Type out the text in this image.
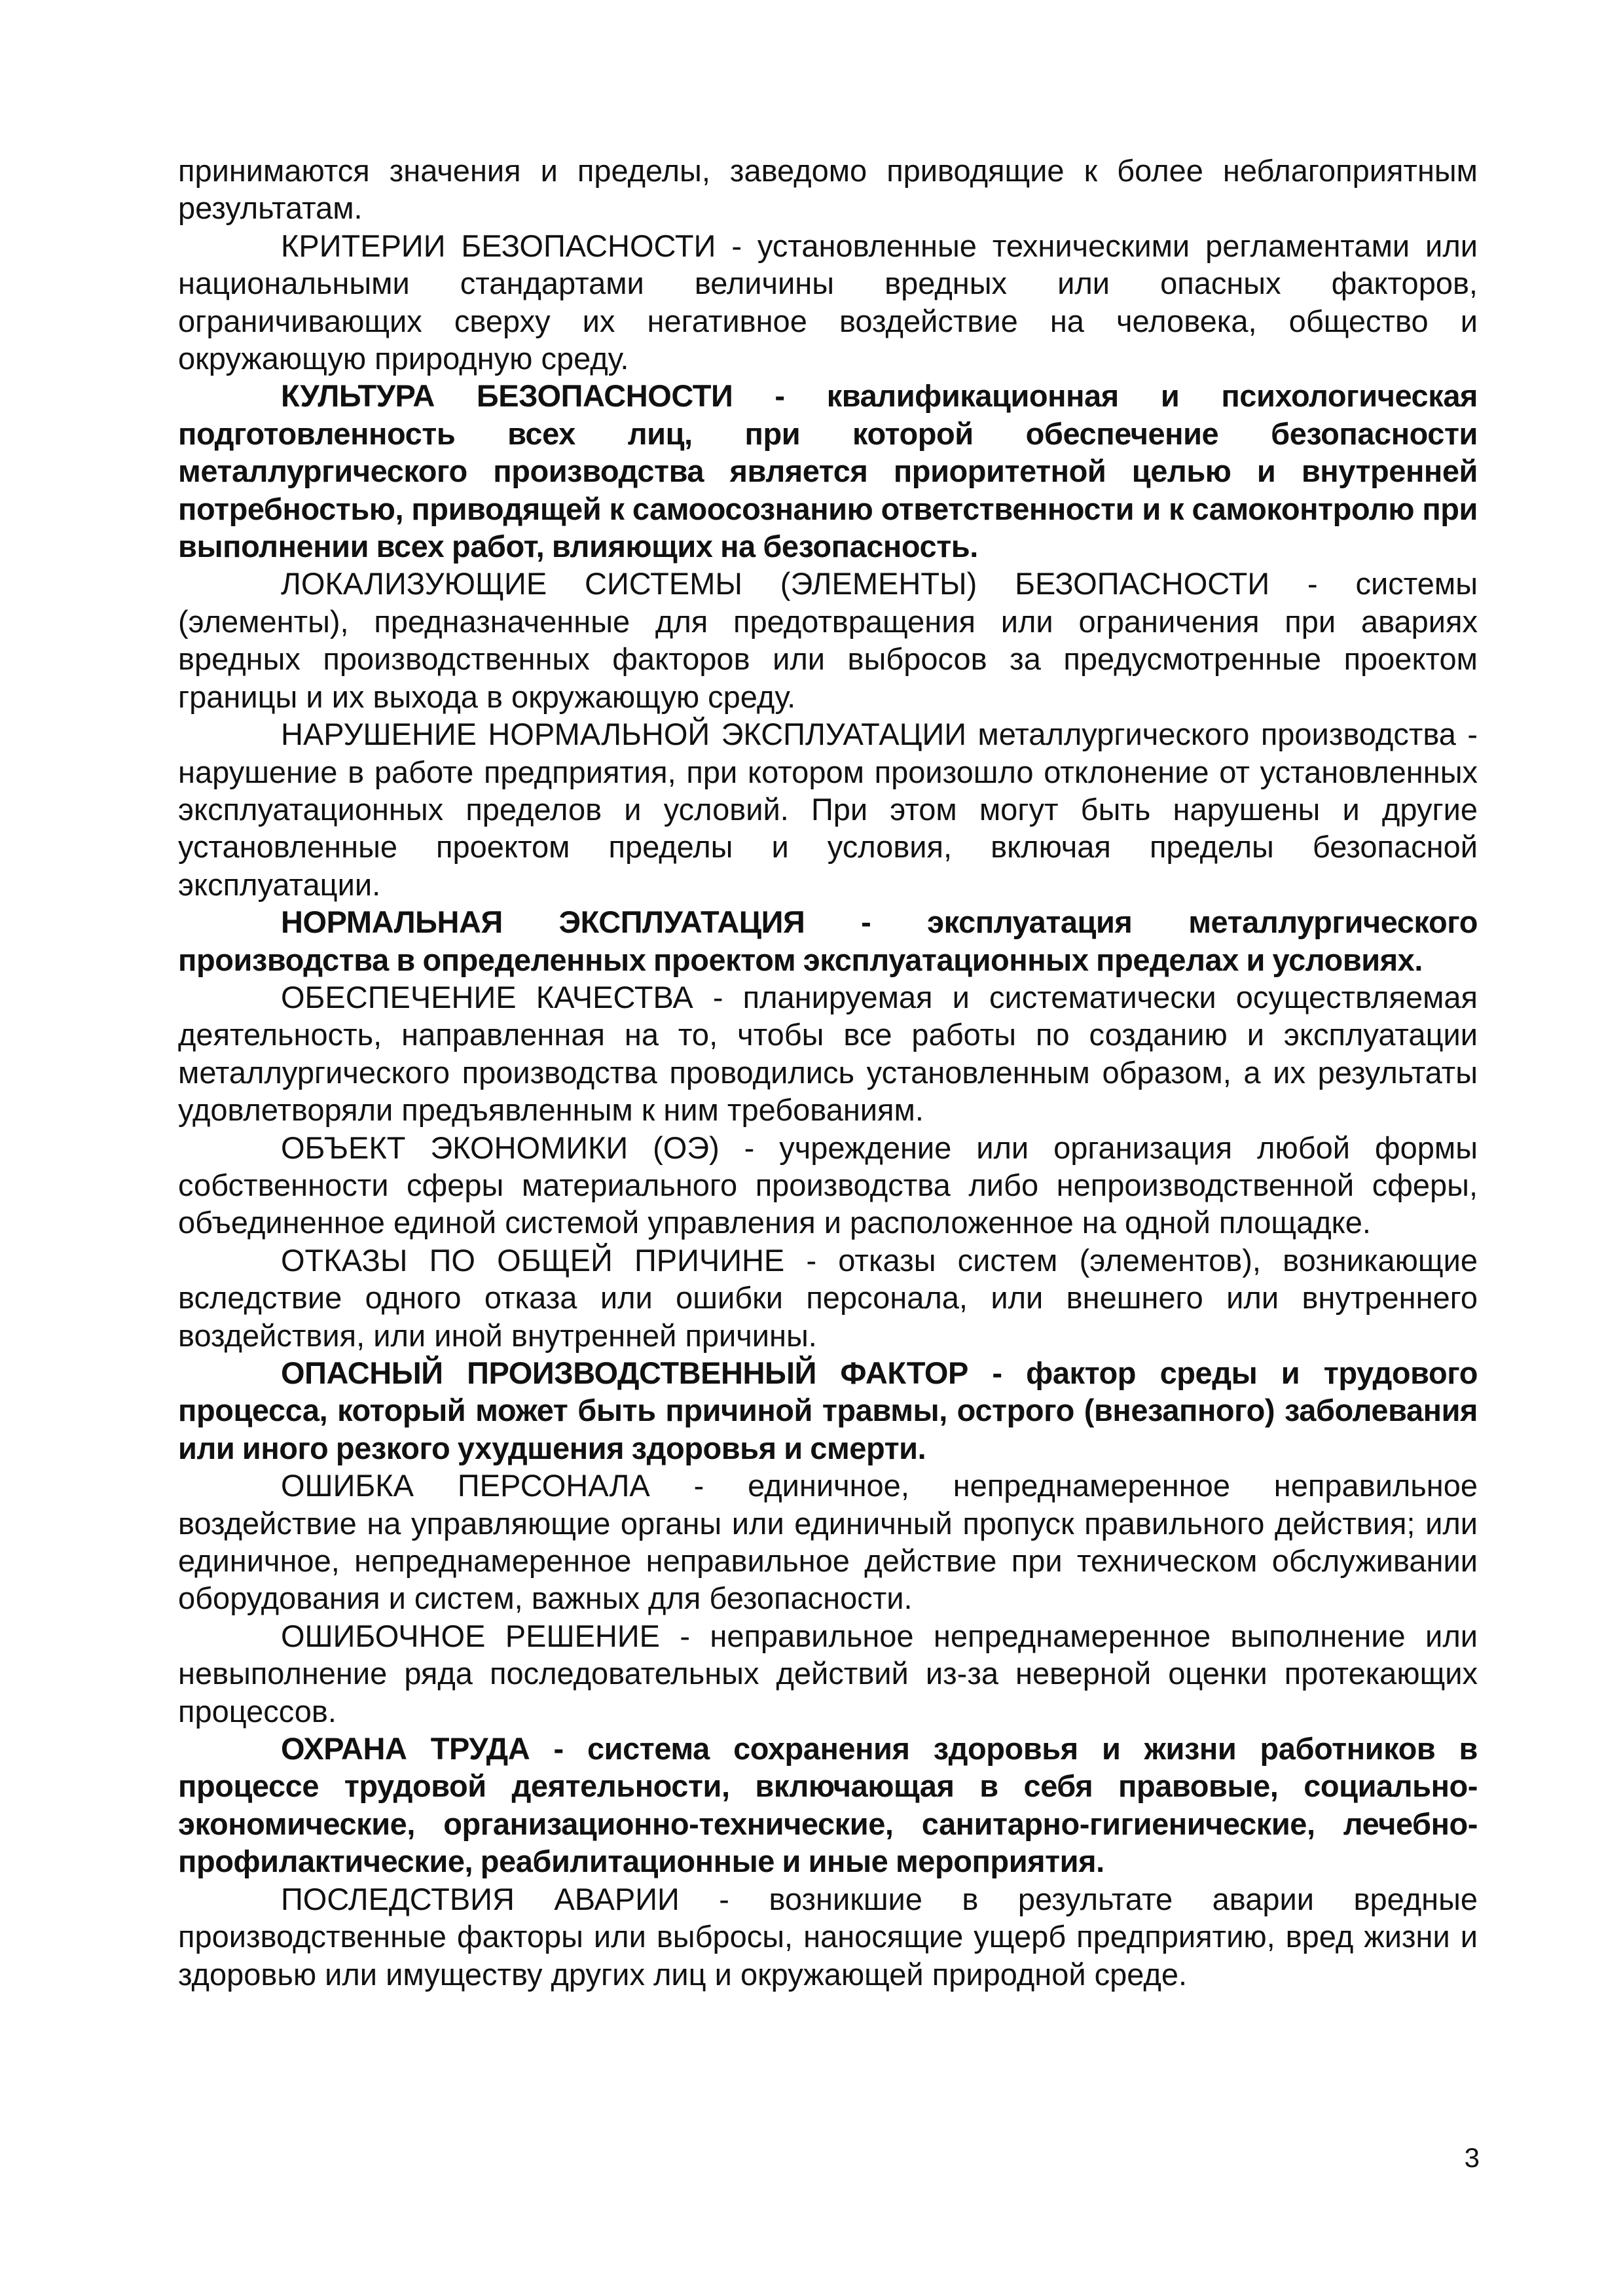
принимаются значения и пределы, заведомо приводящие к более неблагоприятным результатам.

КРИТЕРИИ БЕЗОПАСНОСТИ - установленные техническими регламентами или национальными стандартами величины вредных или опасных факторов, ограничивающих сверху их негативное воздействие на человека, общество и окружающую природную среду.

КУЛЬТУРА БЕЗОПАСНОСТИ - квалификационная и психологическая подготовленность всех лиц, при которой обеспечение безопасности металлургического производства является приоритетной целью и внутренней потребностью, приводящей к самоосознанию ответственности и к самоконтролю при выполнении всех работ, влияющих на безопасность.

ЛОКАЛИЗУЮЩИЕ СИСТЕМЫ (ЭЛЕМЕНТЫ) БЕЗОПАСНОСТИ - системы (элементы), предназначенные для предотвращения или ограничения при авариях вредных производственных факторов или выбросов за предусмотренные проектом границы и их выхода в окружающую среду.

НАРУШЕНИЕ НОРМАЛЬНОЙ ЭКСПЛУАТАЦИИ металлургического производства - нарушение в работе предприятия, при котором произошло отклонение от установленных эксплуатационных пределов и условий. При этом могут быть нарушены и другие установленные проектом пределы и условия, включая пределы безопасной эксплуатации.

НОРМАЛЬНАЯ ЭКСПЛУАТАЦИЯ - эксплуатация металлургического производства в определенных проектом эксплуатационных пределах и условиях.

ОБЕСПЕЧЕНИЕ КАЧЕСТВА - планируемая и систематически осуществляемая деятельность, направленная на то, чтобы все работы по созданию и эксплуатации металлургического производства проводились установленным образом, а их результаты удовлетворяли предъявленным к ним требованиям.

ОБЪЕКТ ЭКОНОМИКИ (ОЭ) - учреждение или организация любой формы собственности сферы материального производства либо непроизводственной сферы, объединенное единой системой управления и расположенное на одной площадке.

ОТКАЗЫ ПО ОБЩЕЙ ПРИЧИНЕ - отказы систем (элементов), возникающие вследствие одного отказа или ошибки персонала, или внешнего или внутреннего воздействия, или иной внутренней причины.

ОПАСНЫЙ ПРОИЗВОДСТВЕННЫЙ ФАКТОР - фактор среды и трудового процесса, который может быть причиной травмы, острого (внезапного) заболевания или иного резкого ухудшения здоровья и смерти.

ОШИБКА ПЕРСОНАЛА - единичное, непреднамеренное неправильное воздействие на управляющие органы или единичный пропуск правильного действия; или единичное, непреднамеренное неправильное действие при техническом обслуживании оборудования и систем, важных для безопасности.

ОШИБОЧНОЕ РЕШЕНИЕ - неправильное непреднамеренное выполнение или невыполнение ряда последовательных действий из-за неверной оценки протекающих процессов.

ОХРАНА ТРУДА - система сохранения здоровья и жизни работников в процессе трудовой деятельности, включающая в себя правовые, социально-экономические, организационно-технические, санитарно-гигиенические, лечебно-профилактические, реабилитационные и иные мероприятия.

ПОСЛЕДСТВИЯ АВАРИИ - возникшие в результате аварии вредные производственные факторы или выбросы, наносящие ущерб предприятию, вред жизни и здоровью или имуществу других лиц и окружающей природной среде.

3
